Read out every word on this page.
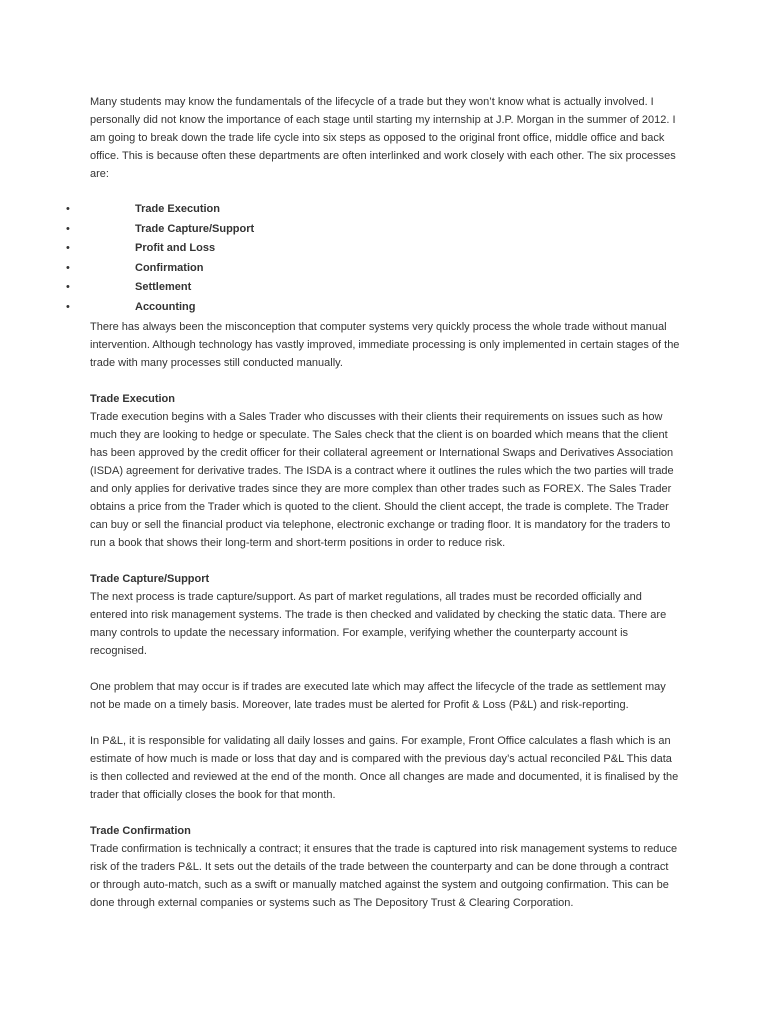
Many students may know the fundamentals of the lifecycle of a trade but they won’t know what is actually involved. I personally did not know the importance of each stage until starting my internship at J.P. Morgan in the summer of 2012. I am going to break down the trade life cycle into six steps as opposed to the original front office, middle office and back office. This is because often these departments are often interlinked and work closely with each other. The six processes are:

•	Trade Execution
•	Trade Capture/Support
•	Profit and Loss
•	Confirmation
•	Settlement
•	Accounting

There has always been the misconception that computer systems very quickly process the whole trade without manual intervention. Although technology has vastly improved, immediate processing is only implemented in certain stages of the trade with many processes still conducted manually.

Trade Execution

Trade execution begins with a Sales Trader who discusses with their clients their requirements on issues such as how much they are looking to hedge or speculate. The Sales check that the client is on boarded which means that the client has been approved by the credit officer for their collateral agreement or International Swaps and Derivatives Association (ISDA) agreement for derivative trades. The ISDA is a contract where it outlines the rules which the two parties will trade and only applies for derivative trades since they are more complex than other trades such as FOREX. The Sales Trader obtains a price from the Trader which is quoted to the client. Should the client accept, the trade is complete. The Trader can buy or sell the financial product via telephone, electronic exchange or trading floor. It is mandatory for the traders to run a book that shows their long-term and short-term positions in order to reduce risk.

Trade Capture/Support

The next process is trade capture/support. As part of market regulations, all trades must be recorded officially and entered into risk management systems. The trade is then checked and validated by checking the static data. There are many controls to update the necessary information. For example, verifying whether the counterparty account is recognised.

One problem that may occur is if trades are executed late which may affect the lifecycle of the trade as settlement may not be made on a timely basis. Moreover, late trades must be alerted for Profit & Loss (P&L) and risk-reporting.

In P&L, it is responsible for validating all daily losses and gains. For example, Front Office calculates a flash which is an estimate of how much is made or loss that day and is compared with the previous day’s actual reconciled P&L This data is then collected and reviewed at the end of the month. Once all changes are made and documented, it is finalised by the trader that officially closes the book for that month.

Trade Confirmation

Trade confirmation is technically a contract; it ensures that the trade is captured into risk management systems to reduce risk of the traders P&L. It sets out the details of the trade between the counterparty and can be done through a contract or through auto-match, such as a swift or manually matched against the system and outgoing confirmation. This can be done through external companies or systems such as The Depository Trust & Clearing Corporation.
